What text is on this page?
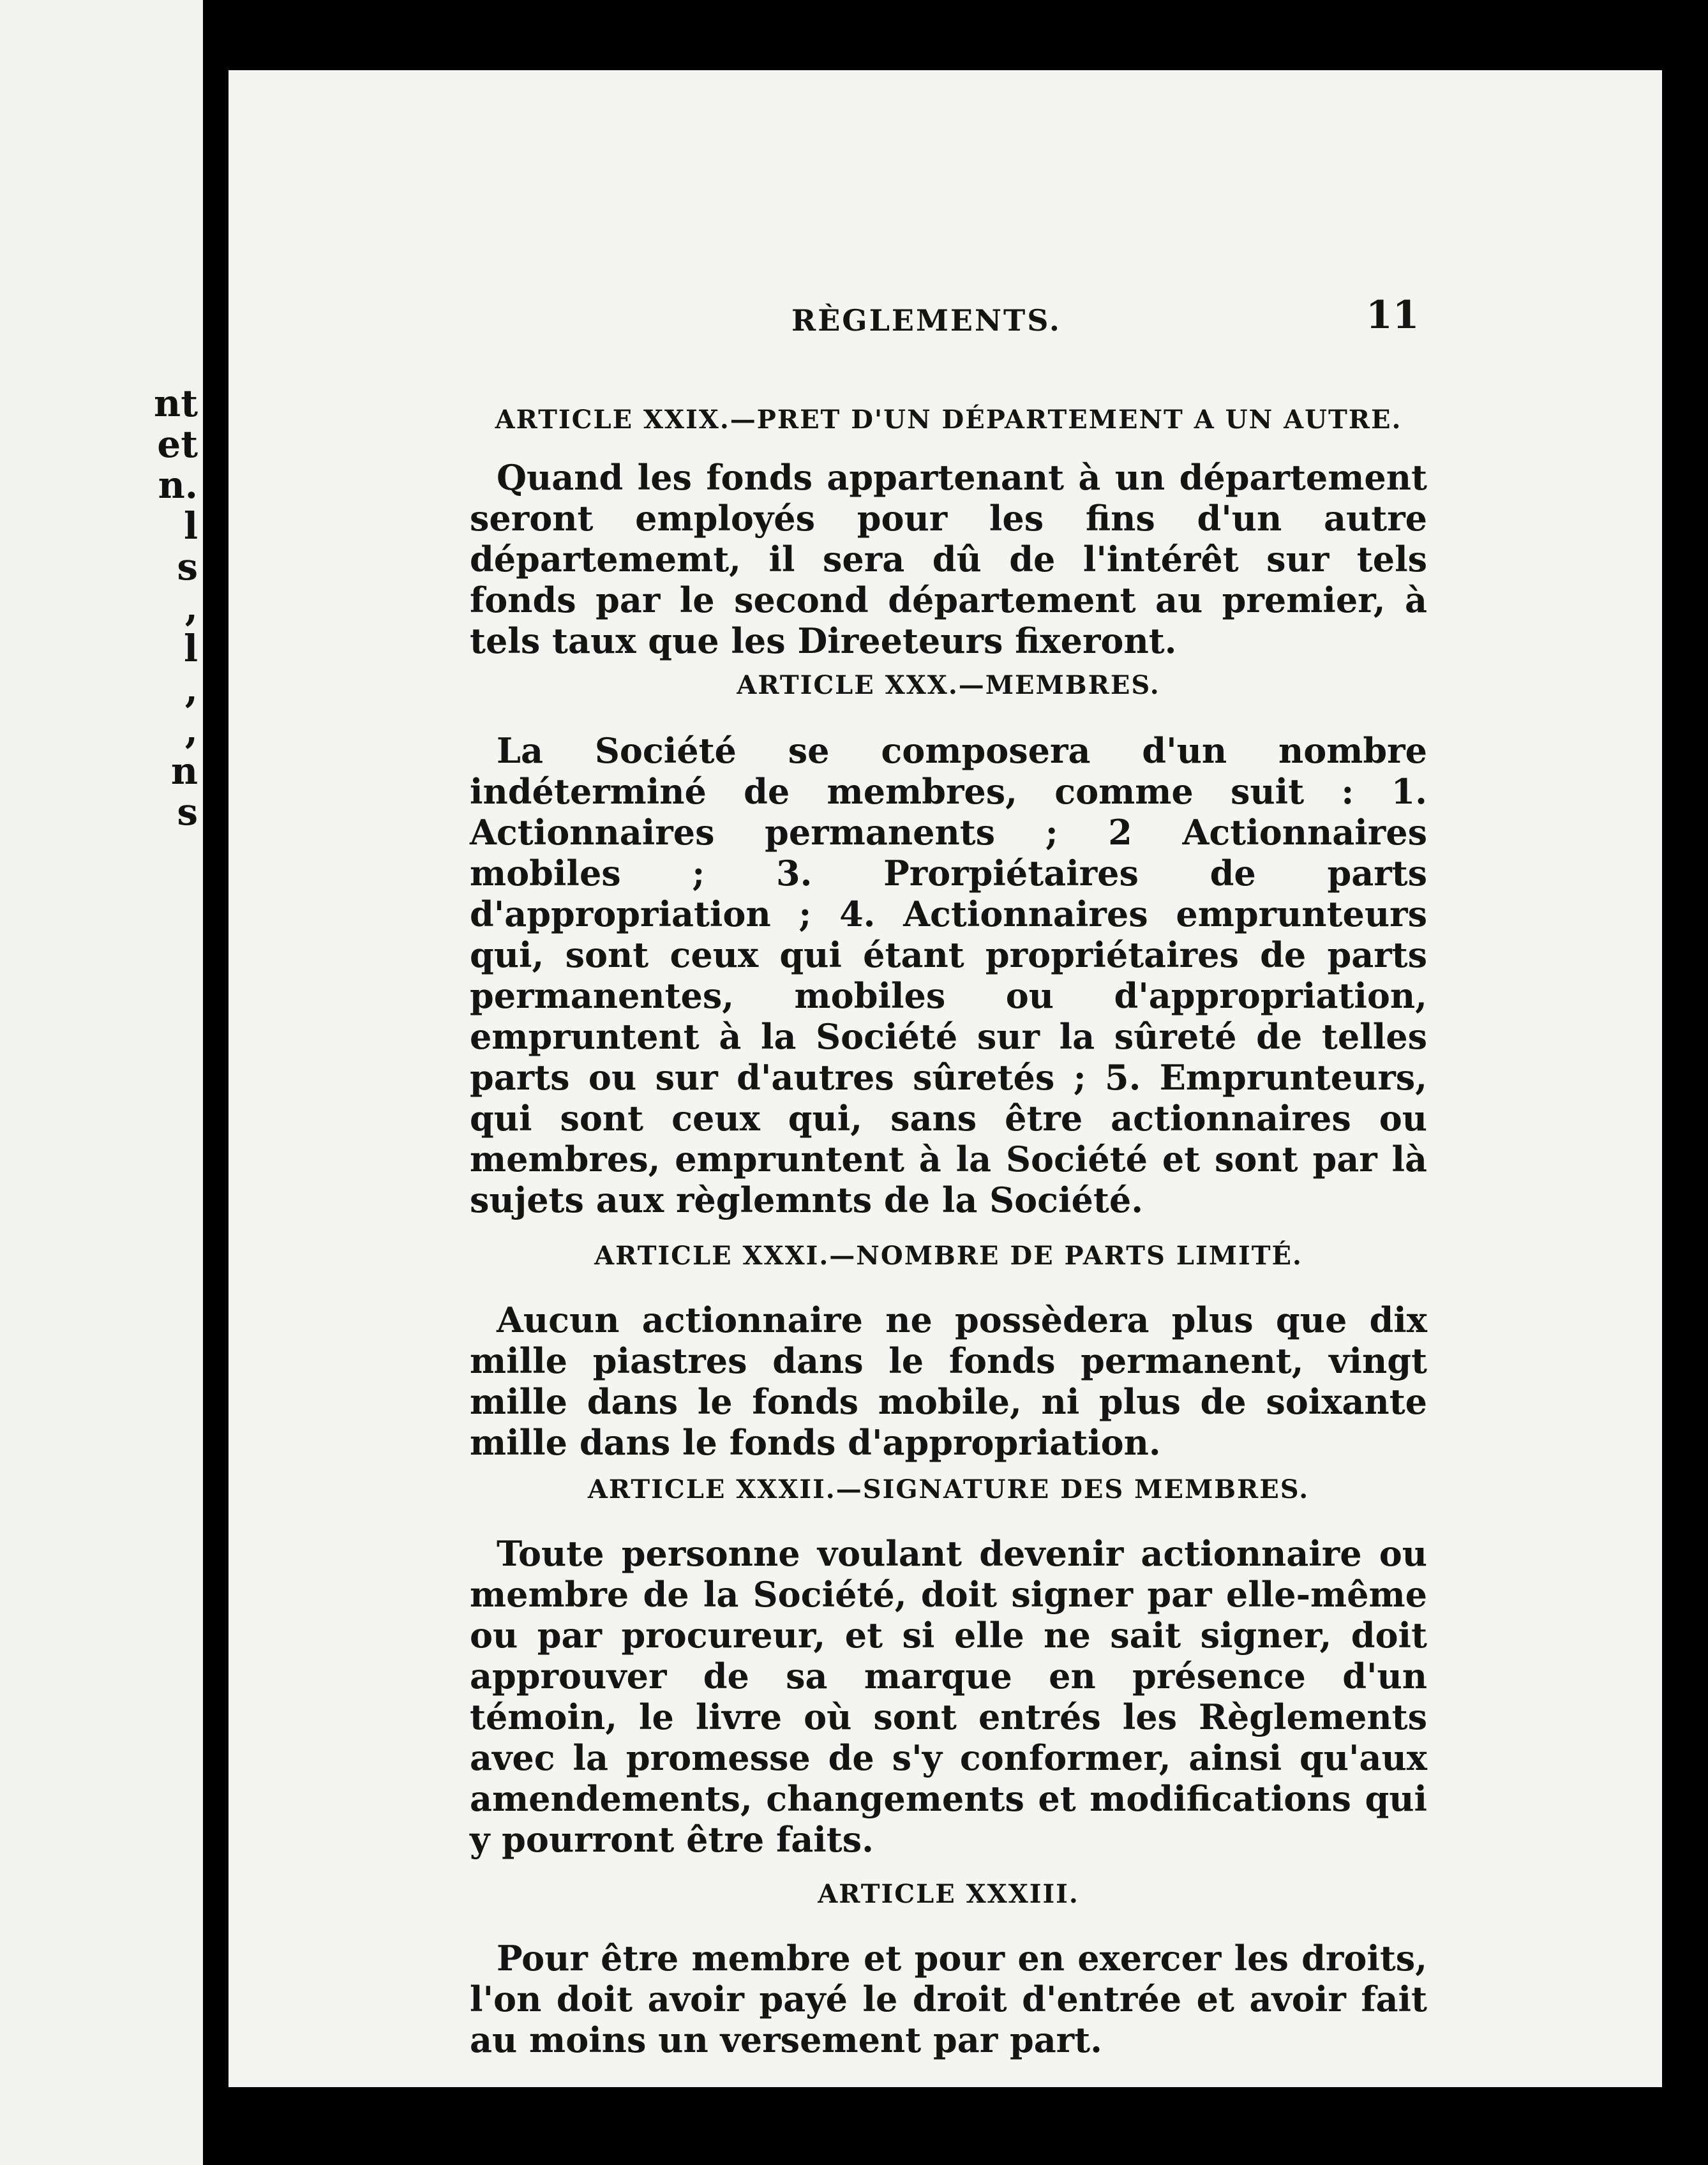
nt
et
n.
l
s
,
l
,
,
n
s
RÈGLEMENTS.	11

ARTICLE XXIX.—PRET D'UN DÉPARTEMENT A UN AUTRE.

Quand les fonds appartenant à un département seront employés pour les fins d'un autre départememt, il sera dû de l'intérêt sur tels fonds par le second département au premier, à tels taux que les Direeteurs fixeront.

ARTICLE XXX.—MEMBRES.

La Société se composera d'un nombre indéterminé de membres, comme suit : 1. Actionnaires permanents ; 2 Actionnaires mobiles ; 3. Prorpiétaires de parts d'appropriation ; 4. Actionnaires emprunteurs qui, sont ceux qui étant propriétaires de parts permanentes, mobiles ou d'appropriation, empruntent à la Société sur la sûreté de telles parts ou sur d'autres sûretés ; 5. Emprunteurs, qui sont ceux qui, sans être actionnaires ou membres, empruntent à la Société et sont par là sujets aux règlemnts de la Société.

ARTICLE XXXI.—NOMBRE DE PARTS LIMITÉ.

Aucun actionnaire ne possèdera plus que dix mille piastres dans le fonds permanent, vingt mille dans le fonds mobile, ni plus de soixante mille dans le fonds d'appropriation.

ARTICLE XXXII.—SIGNATURE DES MEMBRES.

Toute personne voulant devenir actionnaire ou membre de la Société, doit signer par elle-même ou par procureur, et si elle ne sait signer, doit approuver de sa marque en présence d'un témoin, le livre où sont entrés les Règlements avec la promesse de s'y conformer, ainsi qu'aux amendements, changements et modifications qui y pourront être faits.

ARTICLE XXXIII.

Pour être membre et pour en exercer les droits, l'on doit avoir payé le droit d'entrée et avoir fait au moins un versement par part.
